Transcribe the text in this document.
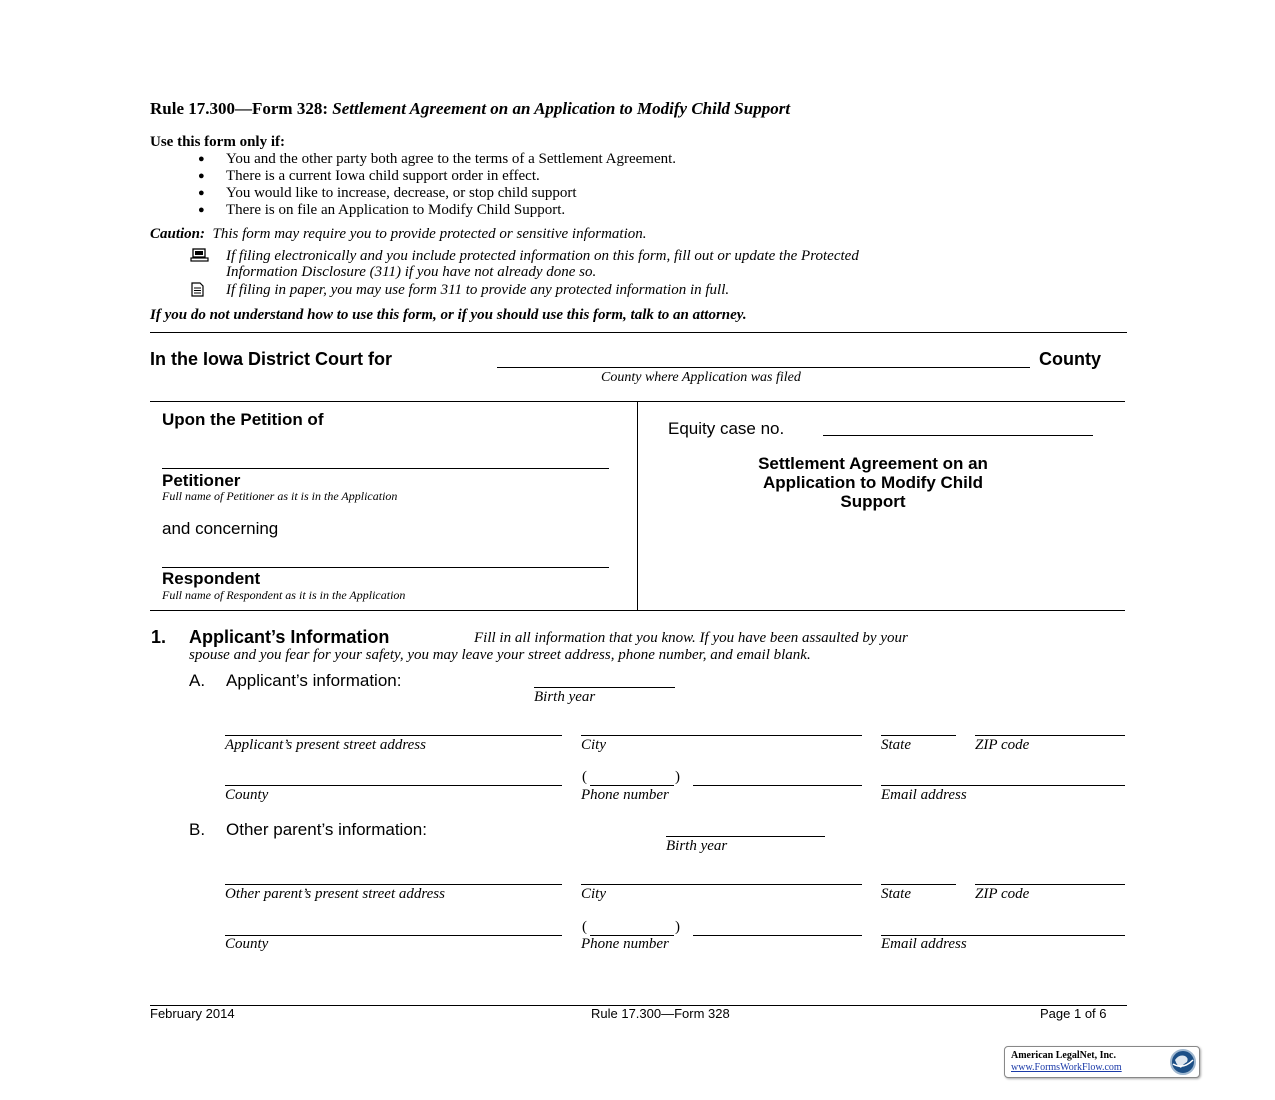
Rule 17.300—Form 328: Settlement Agreement on an Application to Modify Child Support
Use this form only if:
● You and the other party both agree to the terms of a Settlement Agreement.
● There is a current Iowa child support order in effect.
● You would like to increase, decrease, or stop child support
● There is on file an Application to Modify Child Support.
Caution: This form may require you to provide protected or sensitive information.
If filing electronically and you include protected information on this form, fill out or update the Protected
Information Disclosure (311) if you have not already done so.
If filing in paper, you may use form 311 to provide any protected information in full.
If you do not understand how to use this form, or if you should use this form, talk to an attorney.
In the Iowa District Court for	County
County where Application was filed
Upon the Petition of
Petitioner
Full name of Petitioner as it is in the Application
and concerning
Respondent
Full name of Respondent as it is in the Application
Equity case no.
Settlement Agreement on an
Application to Modify Child
Support
1. Applicant’s Information	Fill in all information that you know. If you have been assaulted by your
spouse and you fear for your safety, you may leave your street address, phone number, and email blank.
A. Applicant’s information:
Birth year
Applicant’s present street address	City	State	ZIP code
(	)
County	Phone number	Email address
B. Other parent’s information:
Birth year
Other parent’s present street address	City	State	ZIP code
(	)
County	Phone number	Email address
February 2014	Rule 17.300—Form 328	Page 1 of 6
American LegalNet, Inc.
www.FormsWorkFlow.com
